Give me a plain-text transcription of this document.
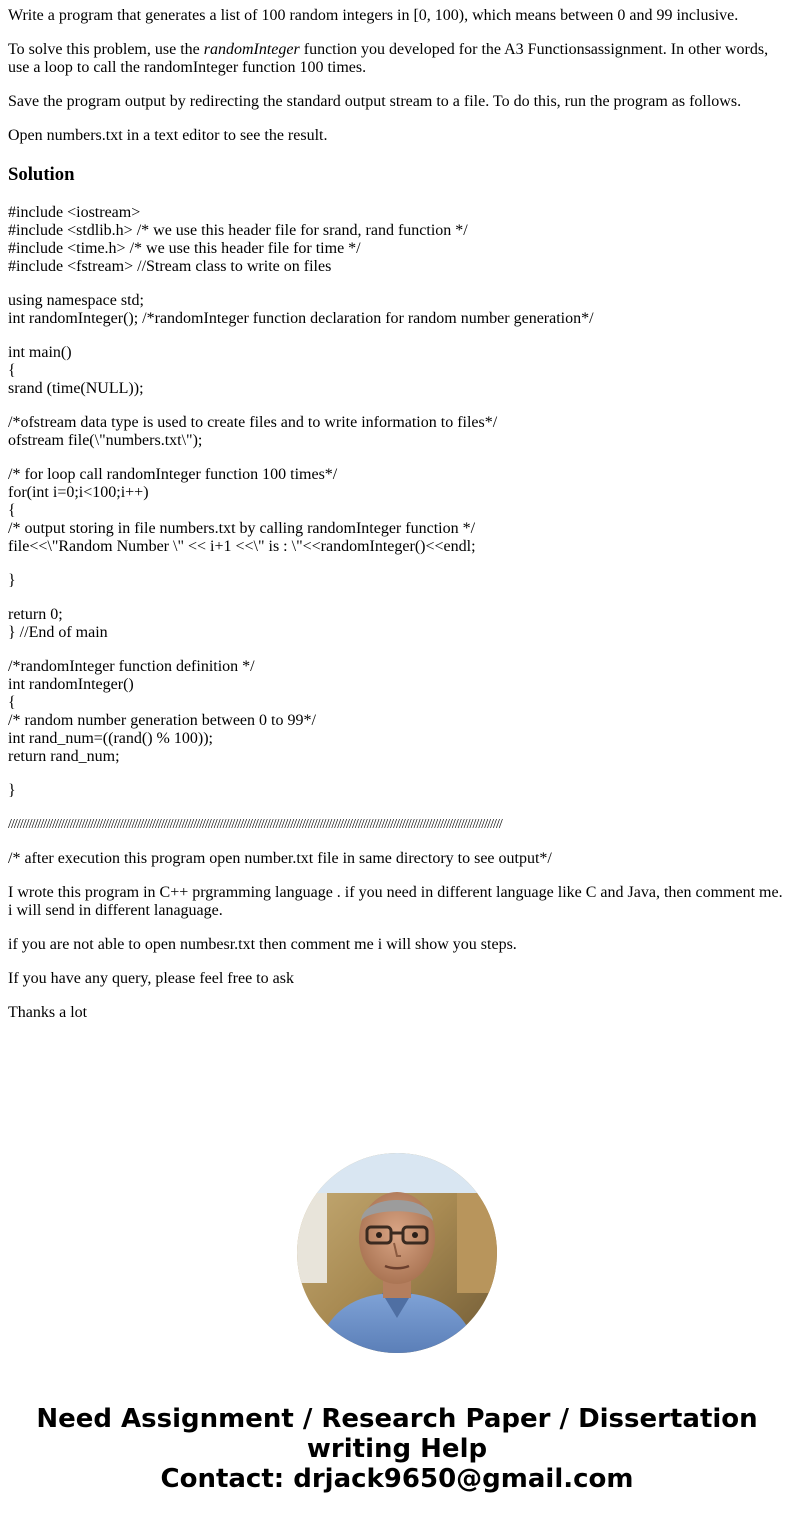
Write a program that generates a list of 100 random integers in [0, 100), which means between 0 and 99 inclusive.

To solve this problem, use the randomInteger function you developed for the A3 Functionsassignment. In other words, use a loop to call the randomInteger function 100 times.

Save the program output by redirecting the standard output stream to a file. To do this, run the program as follows.

Open numbers.txt in a text editor to see the result.

Solution
#include <iostream>
#include <stdlib.h> /* we use this header file for srand, rand function */
#include <time.h> /* we use this header file for time */
#include <fstream> //Stream class to write on files
using namespace std;
int randomInteger(); /*randomInteger function declaration for random number generation*/
int main()
{
srand (time(NULL));
/*ofstream data type is used to create files and to write information to files*/
ofstream file(\"numbers.txt\");
/* for loop call randomInteger function 100 times*/
for(int i=0;i<100;i++)
{
/* output storing in file numbers.txt by calling randomInteger function */
file<<\"Random Number \" << i+1 <<\" is : \"<<randomInteger()<<endl;
}
return 0;
} //End of main
/*randomInteger function definition */
int randomInteger()
{
/* random number generation between 0 to 99*/
int rand_num=((rand() % 100));
return rand_num;
}
////////////////////////////////////////////////////////////////////////////////////////////////////////////////////////////////////////////////////////////////////////
/* after execution this program open number.txt file in same directory to see output*/

I wrote this program in C++ prgramming language . if you need in different language like C and Java, then comment me. i will send in different lanaguage.

if you are not able to open numbesr.txt then comment me i will show you steps.

If you have any query, please feel free to ask

Thanks a lot

Need Assignment / Research Paper / Dissertation
writing Help
Contact: drjack9650@gmail.com
